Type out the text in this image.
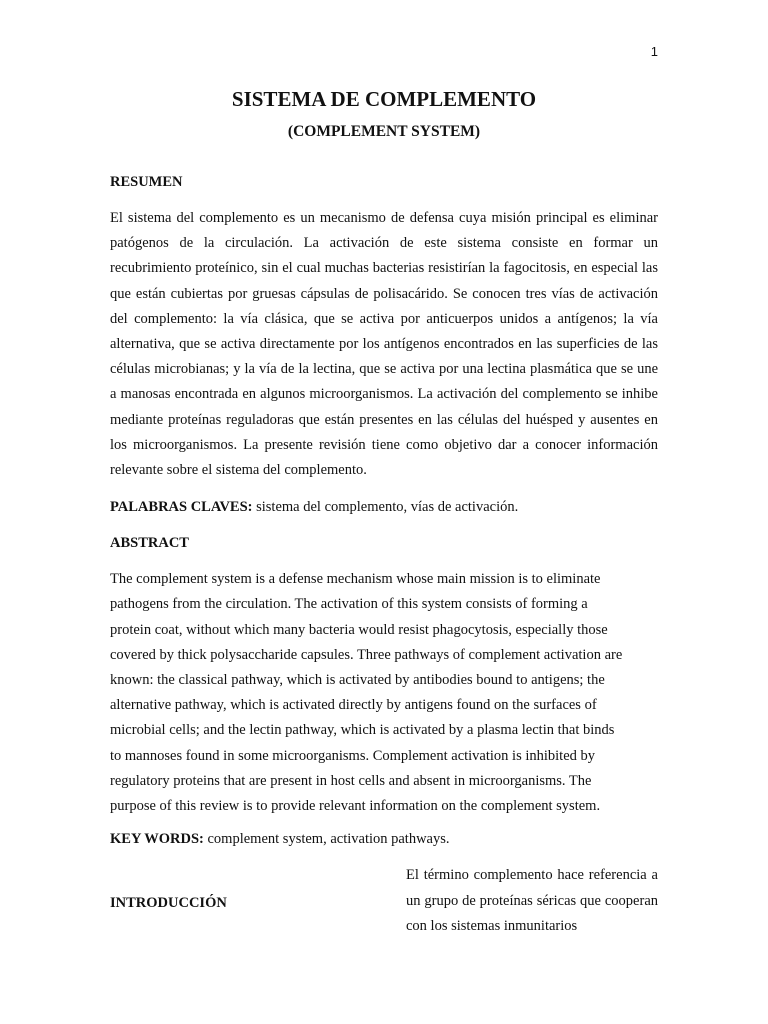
1
SISTEMA DE COMPLEMENTO
(COMPLEMENT SYSTEM)
RESUMEN

El sistema del complemento es un mecanismo de defensa cuya misión principal es eliminar patógenos de la circulación. La activación de este sistema consiste en formar un recubrimiento proteínico, sin el cual muchas bacterias resistirían la fagocitosis, en especial las que están cubiertas por gruesas cápsulas de polisacárido. Se conocen tres vías de activación del complemento: la vía clásica, que se activa por anticuerpos unidos a antígenos; la vía alternativa, que se activa directamente por los antígenos encontrados en las superficies de las células microbianas; y la vía de la lectina, que se activa por una lectina plasmática que se une a manosas encontrada en algunos microorganismos. La activación del complemento se inhibe mediante proteínas reguladoras que están presentes en las células del huésped y ausentes en los microorganismos. La presente revisión tiene como objetivo dar a conocer información relevante sobre el sistema del complemento.

PALABRAS CLAVES: sistema del complemento, vías de activación.

ABSTRACT
The complement system is a defense mechanism whose main mission is to eliminate
pathogens from the circulation. The activation of this system consists of forming a
protein coat, without which many bacteria would resist phagocytosis, especially those
covered by thick polysaccharide capsules. Three pathways of complement activation are
known: the classical pathway, which is activated by antibodies bound to antigens; the
alternative pathway, which is activated directly by antigens found on the surfaces of
microbial cells; and the lectin pathway, which is activated by a plasma lectin that binds
to mannoses found in some microorganisms. Complement activation is inhibited by
regulatory proteins that are present in host cells and absent in microorganisms. The
purpose of this review is to provide relevant information on the complement system.

KEY WORDS: complement system, activation pathways.

INTRODUCCIÓN
El término complemento hace referencia a un grupo de proteínas séricas que cooperan con los sistemas inmunitarios
